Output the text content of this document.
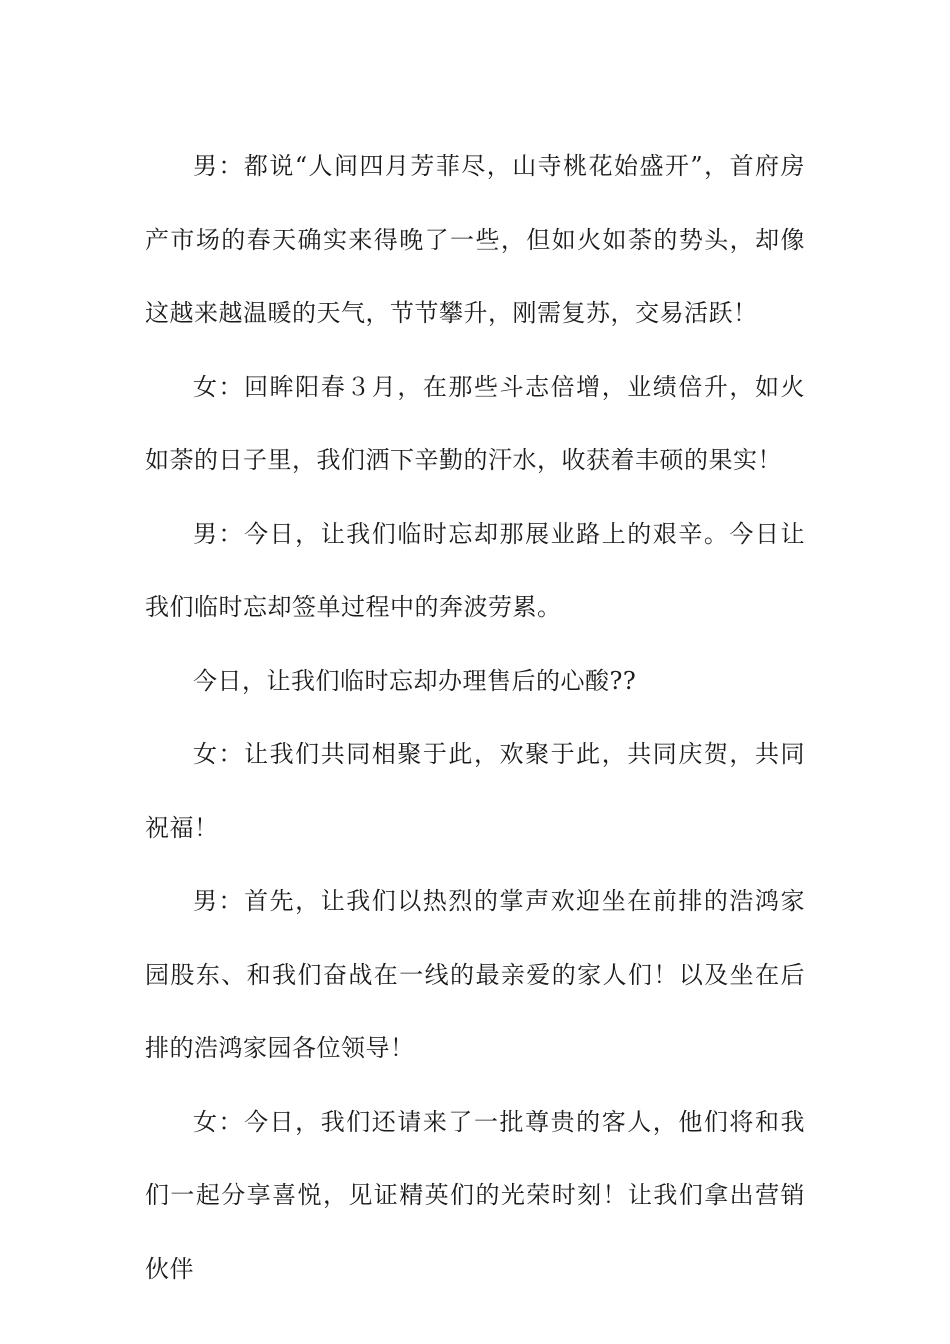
男：都说“人间四月芳菲尽，山寺桃花始盛开”，首府房产市场的春天确实来得晚了一些，但如火如荼的势头，却像这越来越温暖的天气，节节攀升，刚需复苏，交易活跃！

女：回眸阳春３月，在那些斗志倍增，业绩倍升，如火如荼的日子里，我们洒下辛勤的汗水，收获着丰硕的果实！

男：今日，让我们临时忘却那展业路上的艰辛。今日让我们临时忘却签单过程中的奔波劳累。

今日，让我们临时忘却办理售后的心酸??

女：让我们共同相聚于此，欢聚于此，共同庆贺，共同祝福！

男：首先，让我们以热烈的掌声欢迎坐在前排的浩鸿家园股东、和我们奋战在一线的最亲爱的家人们！以及坐在后排的浩鸿家园各位领导！

女：今日，我们还请来了一批尊贵的客人，他们将和我们一起分享喜悦，见证精英们的光荣时刻！让我们拿出营销伙伴
